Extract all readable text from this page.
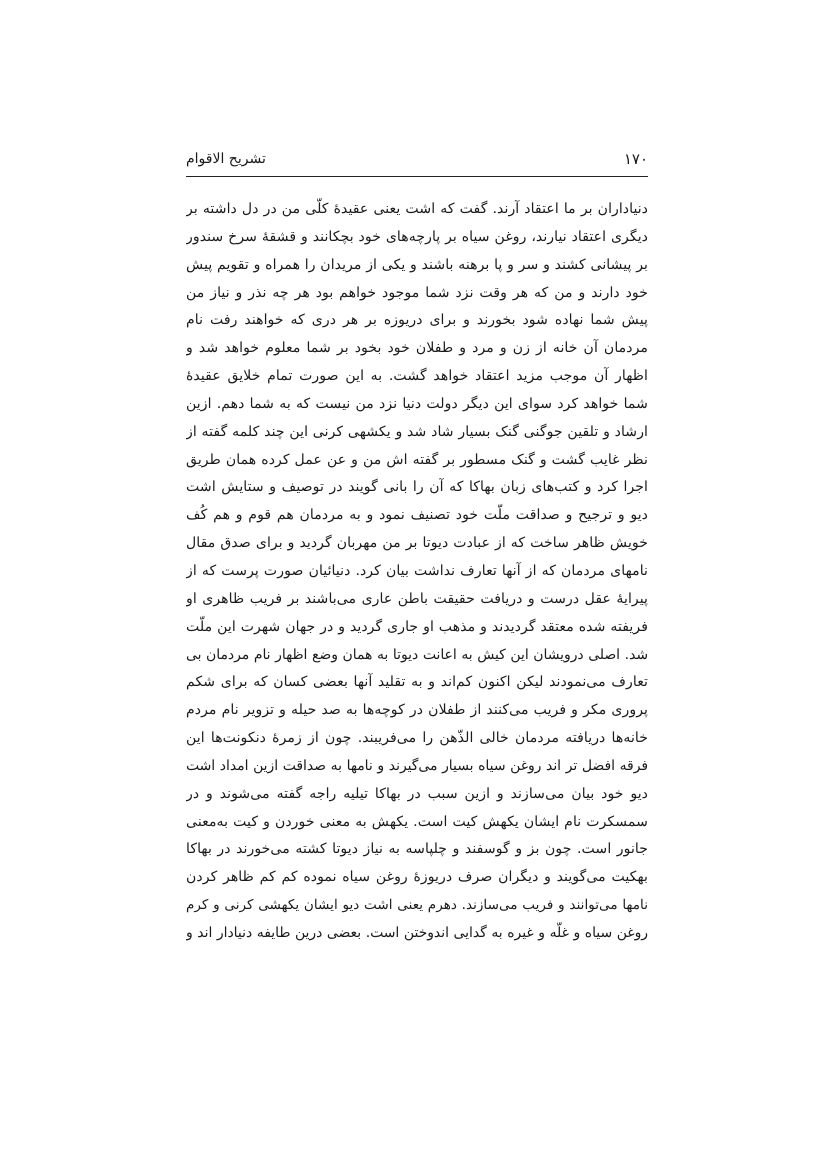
۱۷۰
تشریح الاقوام
دنیاداران بر ما اعتقاد آرند. گفت که اشت یعنی عقیدهٔ کلّی من در دل داشته بر
دیگری اعتقاد نیارند، روغن سیاه بر پارچه‌های خود بچکانند و قشقهٔ سرخ سندور
بر پیشانی کشند و سر و پا برهنه باشند و یکی از مریدان را همراه و تقویم پیش
خود دارند و من که هر وقت نزد شما موجود خواهم بود هر چه نذر و نیاز من
پیش شما نهاده شود بخورند و برای دریوزه بر هر دری که خواهند رفت نام
مردمان آن خانه از زن و مرد و طفلان خود بخود بر شما معلوم خواهد شد و
اظهار آن موجب مزید اعتقاد خواهد گشت. به این صورت تمام خلایق عقیدهٔ
شما خواهد کرد سوای این دیگر دولت دنیا نزد من نیست که به شما دهم. ازین
ارشاد و تلقین جوگنی گنک بسیار شاد شد و یکشهی کرنی این چند کلمه گفته از
نظر غایب گشت و گنک مسطور بر گفته اش من و عن عمل کرده همان طریق
اجرا کرد و کتب‌های زبان بهاکا که آن را بانی گویند در توصیف و ستایش اشت
دیو و ترجیح و صداقت ملّت خود تصنیف نمود و به مردمان هم قوم و هم کُف
خویش ظاهر ساخت که از عبادت دیوتا بر من مهربان گردید و برای صدق مقال
نامهای مردمان که از آنها تعارف نداشت بیان کرد. دنیائیان صورت پرست که از
پیرایهٔ عقل درست و دریافت حقیقت باطن عاری می‌باشند بر فریب ظاهری او
فریفته شده معتقد گردیدند و مذهب او جاری گردید و در جهان شهرت این ملّت
شد. اصلی درویشان این کیش به اعانت دیوتا به همان وضع اظهار نام مردمان بی
تعارف می‌نمودند لیکن اکنون کم‌اند و به تقلید آنها بعضی کسان که برای شکم
پروری مکر و فریب می‌کنند از طفلان در کوچه‌ها به صد حیله و تزویر نام مردم
خانه‌ها دریافته مردمان خالی الذّهن را می‌فریبند. چون از زمرهٔ دنکونت‌ها این
فرقه افضل تر اند روغن سیاه بسیار می‌گیرند و نامها به صداقت ازین امداد اشت
دیو خود بیان می‌سازند و ازین سبب در بهاکا تیلیه راجه گفته می‌شوند و در
سمسکرت نام ایشان یکهش کیت است. یکهش به معنی خوردن و کیت به‌معنی
جانور است. چون بز و گوسفند و چلپاسه به نیاز دیوتا کشته می‌خورند در بهاکا
بهکیت می‌گویند و دیگران صرف دریوزهٔ روغن سیاه نموده کم کم ظاهر کردن
نامها می‌توانند و فریب می‌سازند. دهرم یعنی اشت دیو ایشان یکهشی کرنی و کرم
روغن سیاه و غلّه و غیره به گدایی اندوختن است. بعضی درین طایفه دنیادار اند و
